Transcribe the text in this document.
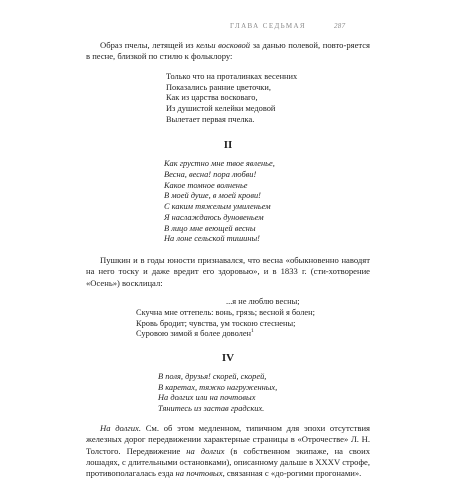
ГЛАВА СЕДЬМАЯ	287

Образ пчелы, летящей из кельи восковой за данью полевой, повто-ряется в песне, близкой по стилю к фольклору:

Только что на проталинках весенних
Показались ранние цветочки,
Как из царства восковаго,
Из душистой келейки медовой
Вылетает первая пчелка.
II
Как грустно мне твое явленье,
Весна, весна! пора любви!
Какое томное волненье
В моей душе, в моей крови!
С каким тяжелым умиленьем
Я наслаждаюсь дуновеньем
В лицо мне веющей весны
На лоне сельской тишины!

Пушкин и в годы юности признавался, что весна «обыкновенно наводят на него тоску и даже вредит его здоровью», и в 1833 г. (сти-хотворение «Осень») восклицал:

...я не люблю весны;
Скучна мне оттепель: вонь, грязь; весной я болен;
Кровь бродит; чувства, ум тоскою стеснены;
Суровою зимой я более доволен$^1$
IV
В поля, друзья! скорей, скорей,
В каретах, тяжко нагруженных,
На долгих или на почтовых
Тянитесь из застав градских.

На долгих. См. об этом медленном, типичном для эпохи отсутствия железных дорог передвижении характерные страницы в «Отрочестве» Л. Н. Толстого. Передвижение на долгих (в собственном экипаже, на своих лошадях, с длительными остановками), описанному дальше в XXXV строфе, противополагалась езда на почтовых, связанная с «до-рогими прогонами».
